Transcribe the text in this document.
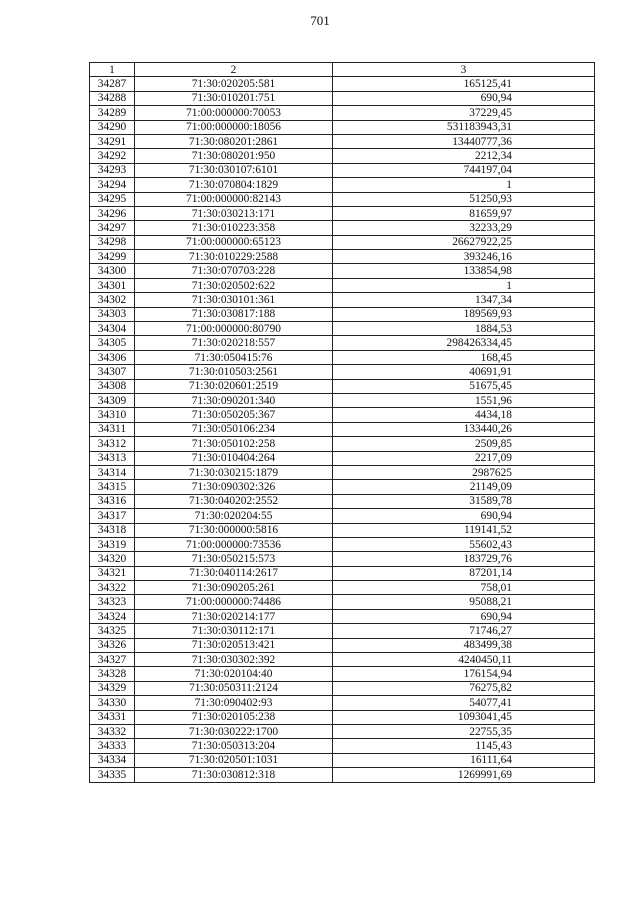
701
1	2	3
34287	71:30:020205:581	165125,41
34288	71:30:010201:751	690,94
34289	71:00:000000:70053	37229,45
34290	71:00:000000:18056	531183943,31
34291	71:30:080201:2861	13440777,36
34292	71:30:080201:950	2212,34
34293	71:30:030107:6101	744197,04
34294	71:30:070804:1829	1
34295	71:00:000000:82143	51250,93
34296	71:30:030213:171	81659,97
34297	71:30:010223:358	32233,29
34298	71:00:000000:65123	26627922,25
34299	71:30:010229:2588	393246,16
34300	71:30:070703:228	133854,98
34301	71:30:020502:622	1
34302	71:30:030101:361	1347,34
34303	71:30:030817:188	189569,93
34304	71:00:000000:80790	1884,53
34305	71:30:020218:557	298426334,45
34306	71:30:050415:76	168,45
34307	71:30:010503:2561	40691,91
34308	71:30:020601:2519	51675,45
34309	71:30:090201:340	1551,96
34310	71:30:050205:367	4434,18
34311	71:30:050106:234	133440,26
34312	71:30:050102:258	2509,85
34313	71:30:010404:264	2217,09
34314	71:30:030215:1879	2987625
34315	71:30:090302:326	21149,09
34316	71:30:040202:2552	31589,78
34317	71:30:020204:55	690,94
34318	71:30:000000:5816	119141,52
34319	71:00:000000:73536	55602,43
34320	71:30:050215:573	183729,76
34321	71:30:040114:2617	87201,14
34322	71:30:090205:261	758,01
34323	71:00:000000:74486	95088,21
34324	71:30:020214:177	690,94
34325	71:30:030112:171	71746,27
34326	71:30:020513:421	483499,38
34327	71:30:030302:392	4240450,11
34328	71:30:020104:40	176154,94
34329	71:30:050311:2124	76275,82
34330	71:30:090402:93	54077,41
34331	71:30:020105:238	1093041,45
34332	71:30:030222:1700	22755,35
34333	71:30:050313:204	1145,43
34334	71:30:020501:1031	16111,64
34335	71:30:030812:318	1269991,69
